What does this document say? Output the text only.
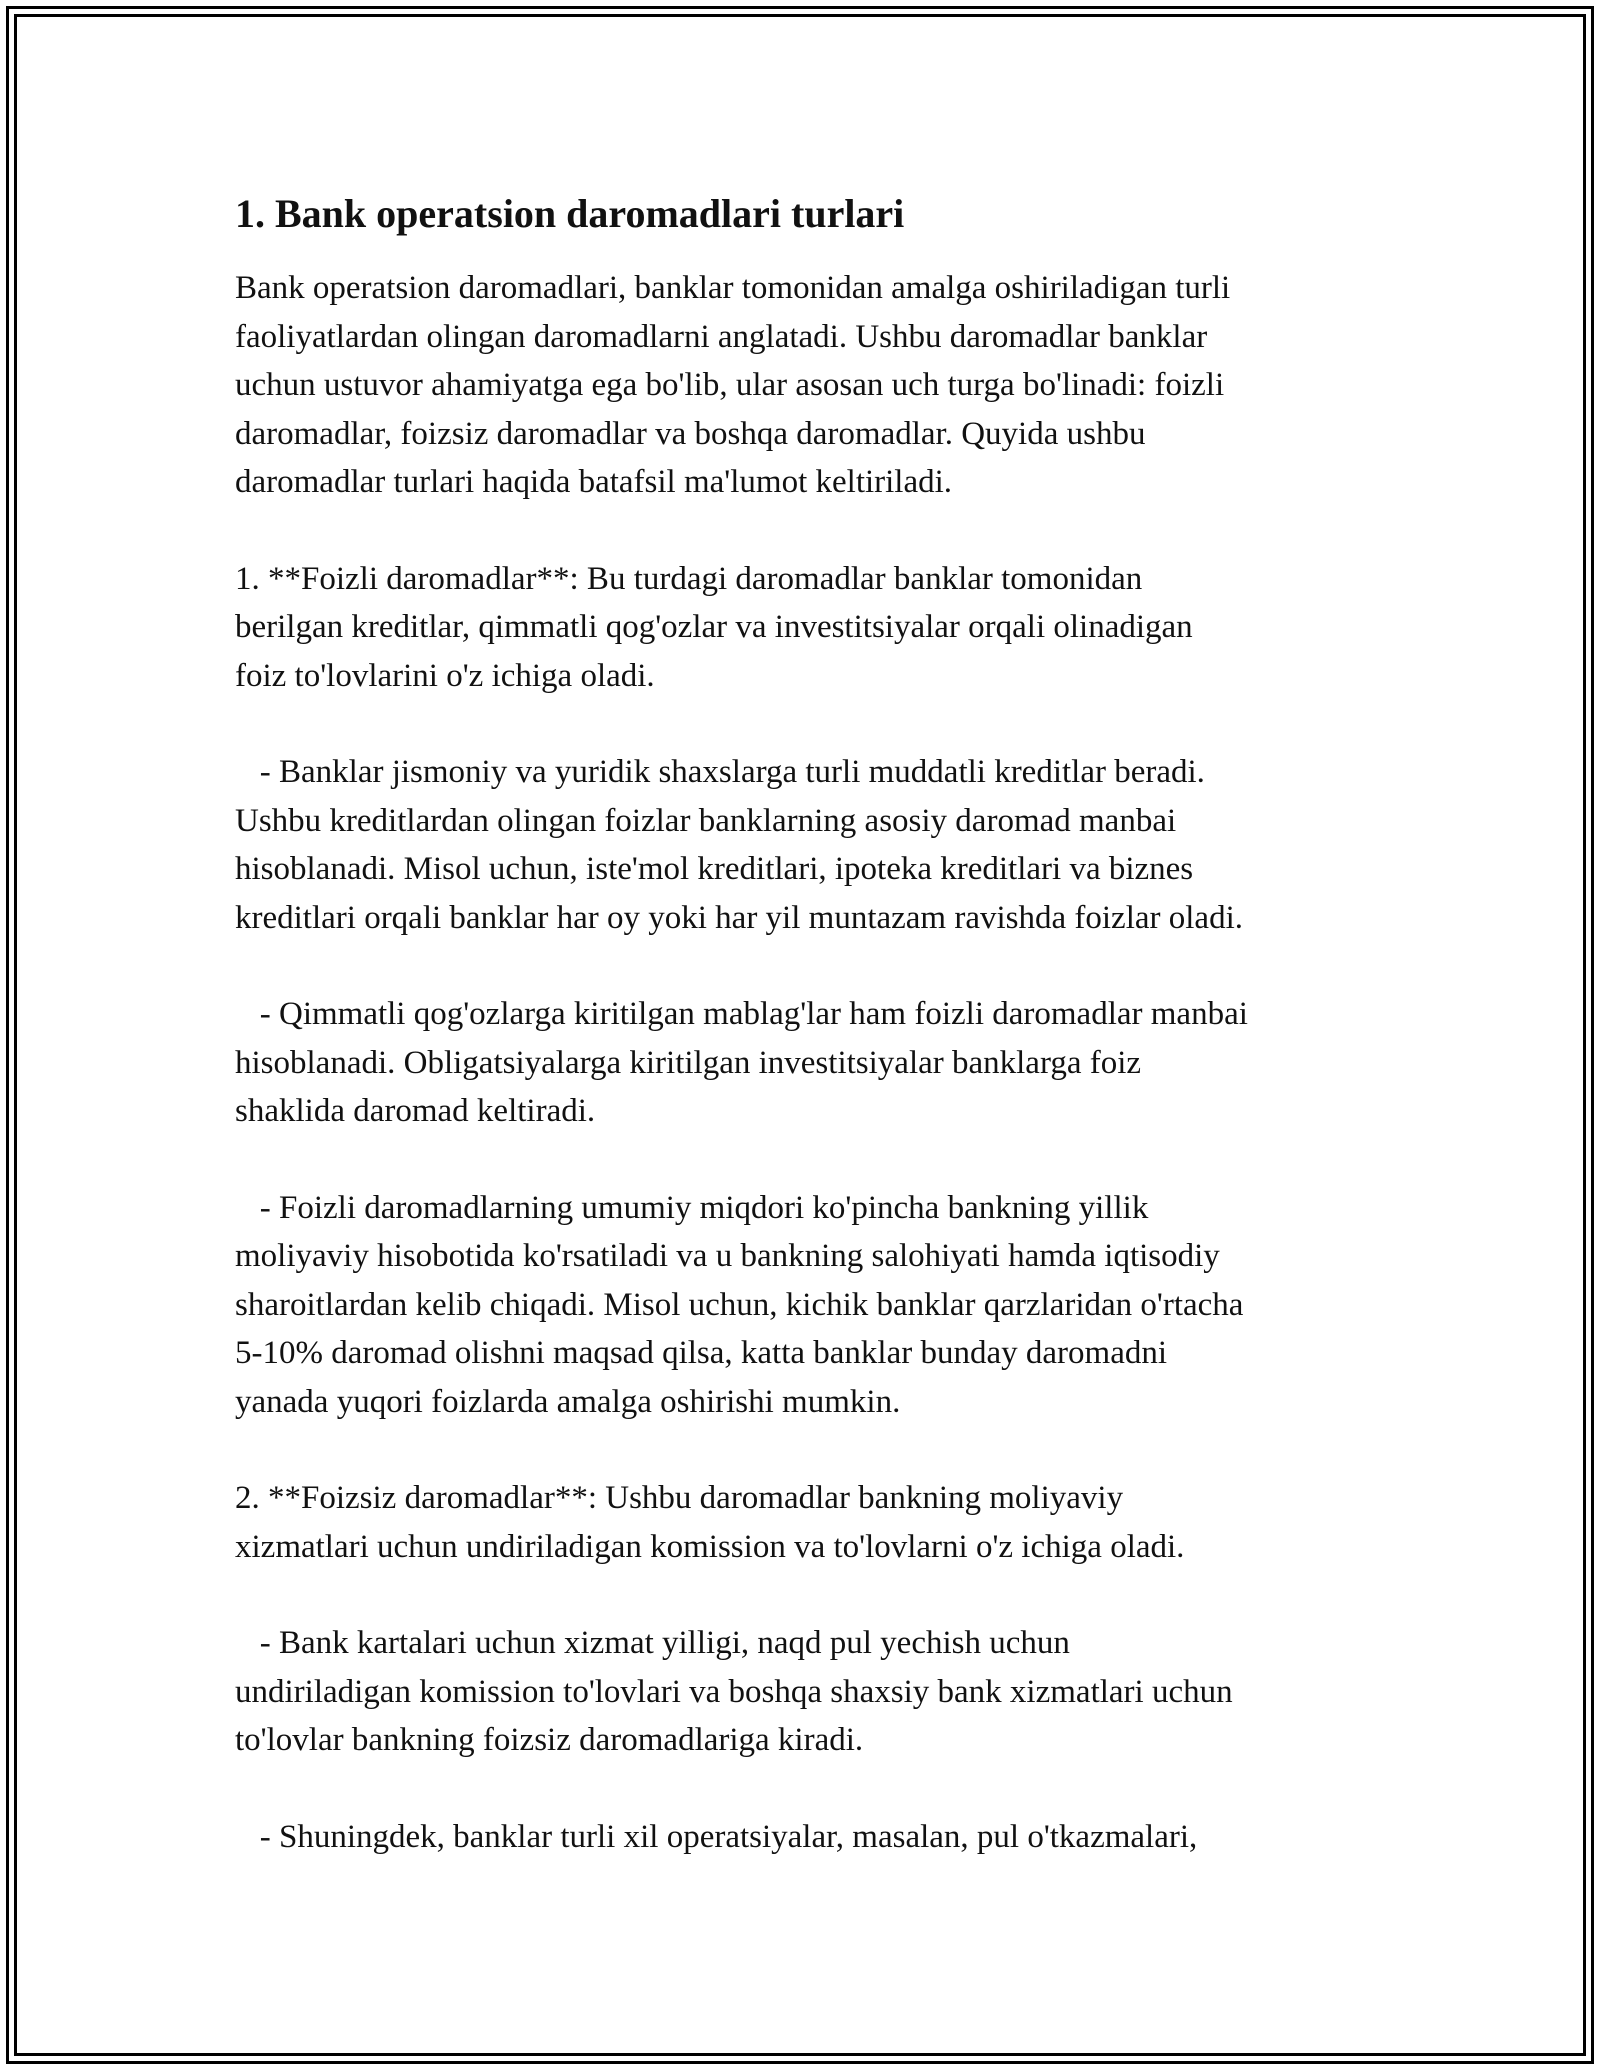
1. Bank operatsion daromadlari turlari

Bank operatsion daromadlari, banklar tomonidan amalga oshiriladigan turli
faoliyatlardan olingan daromadlarni anglatadi. Ushbu daromadlar banklar
uchun ustuvor ahamiyatga ega bo'lib, ular asosan uch turga bo'linadi: foizli
daromadlar, foizsiz daromadlar va boshqa daromadlar. Quyida ushbu
daromadlar turlari haqida batafsil ma'lumot keltiriladi.

1. **Foizli daromadlar**: Bu turdagi daromadlar banklar tomonidan
berilgan kreditlar, qimmatli qog'ozlar va investitsiyalar orqali olinadigan
foiz to'lovlarini o'z ichiga oladi.

- Banklar jismoniy va yuridik shaxslarga turli muddatli kreditlar beradi.
Ushbu kreditlardan olingan foizlar banklarning asosiy daromad manbai
hisoblanadi. Misol uchun, iste'mol kreditlari, ipoteka kreditlari va biznes
kreditlari orqali banklar har oy yoki har yil muntazam ravishda foizlar oladi.

- Qimmatli qog'ozlarga kiritilgan mablag'lar ham foizli daromadlar manbai
hisoblanadi. Obligatsiyalarga kiritilgan investitsiyalar banklarga foiz
shaklida daromad keltiradi.

- Foizli daromadlarning umumiy miqdori ko'pincha bankning yillik
moliyaviy hisobotida ko'rsatiladi va u bankning salohiyati hamda iqtisodiy
sharoitlardan kelib chiqadi. Misol uchun, kichik banklar qarzlaridan o'rtacha
5-10% daromad olishni maqsad qilsa, katta banklar bunday daromadni
yanada yuqori foizlarda amalga oshirishi mumkin.

2. **Foizsiz daromadlar**: Ushbu daromadlar bankning moliyaviy
xizmatlari uchun undiriladigan komission va to'lovlarni o'z ichiga oladi.

- Bank kartalari uchun xizmat yilligi, naqd pul yechish uchun
undiriladigan komission to'lovlari va boshqa shaxsiy bank xizmatlari uchun
to'lovlar bankning foizsiz daromadlariga kiradi.

- Shuningdek, banklar turli xil operatsiyalar, masalan, pul o'tkazmalari,
